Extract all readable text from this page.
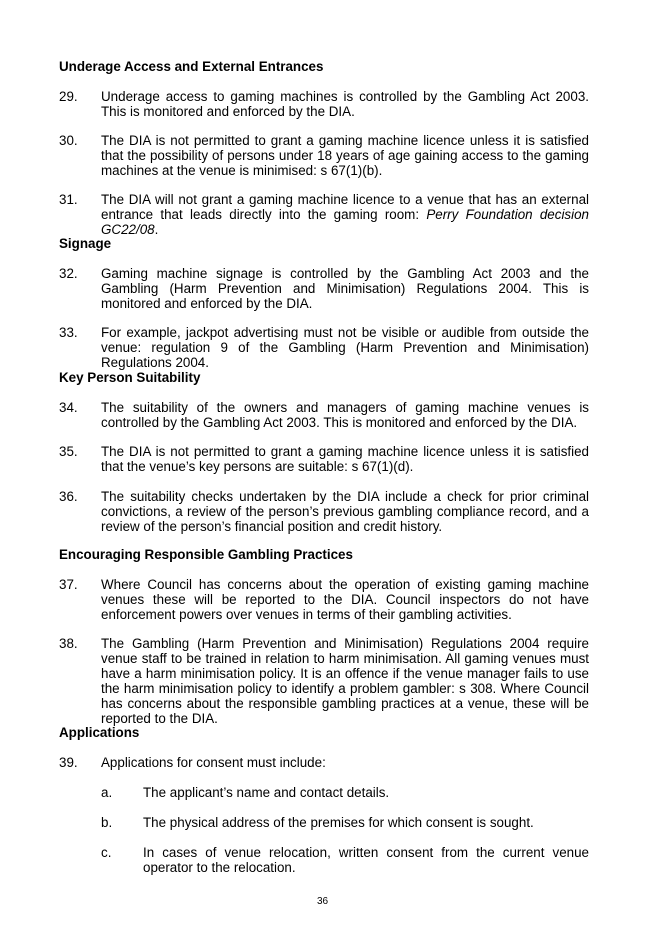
Underage Access and External Entrances
29.	Underage access to gaming machines is controlled by the Gambling Act 2003. This is monitored and enforced by the DIA.
30.	The DIA is not permitted to grant a gaming machine licence unless it is satisfied that the possibility of persons under 18 years of age gaining access to the gaming machines at the venue is minimised: s 67(1)(b).
31.	The DIA will not grant a gaming machine licence to a venue that has an external entrance that leads directly into the gaming room: Perry Foundation decision GC22/08.
Signage
32.	Gaming machine signage is controlled by the Gambling Act 2003 and the Gambling (Harm Prevention and Minimisation) Regulations 2004. This is monitored and enforced by the DIA.
33.	For example, jackpot advertising must not be visible or audible from outside the venue: regulation 9 of the Gambling (Harm Prevention and Minimisation) Regulations 2004.
Key Person Suitability
34.	The suitability of the owners and managers of gaming machine venues is controlled by the Gambling Act 2003. This is monitored and enforced by the DIA.
35.	The DIA is not permitted to grant a gaming machine licence unless it is satisfied that the venue’s key persons are suitable: s 67(1)(d).
36.	The suitability checks undertaken by the DIA include a check for prior criminal convictions, a review of the person’s previous gambling compliance record, and a review of the person’s financial position and credit history.
Encouraging Responsible Gambling Practices
37.	Where Council has concerns about the operation of existing gaming machine venues these will be reported to the DIA. Council inspectors do not have enforcement powers over venues in terms of their gambling activities.
38.	The Gambling (Harm Prevention and Minimisation) Regulations 2004 require venue staff to be trained in relation to harm minimisation. All gaming venues must have a harm minimisation policy. It is an offence if the venue manager fails to use the harm minimisation policy to identify a problem gambler: s 308. Where Council has concerns about the responsible gambling practices at a venue, these will be reported to the DIA.
Applications
39.	Applications for consent must include:
a.	The applicant’s name and contact details.
b.	The physical address of the premises for which consent is sought.
c.	In cases of venue relocation, written consent from the current venue operator to the relocation.
36
